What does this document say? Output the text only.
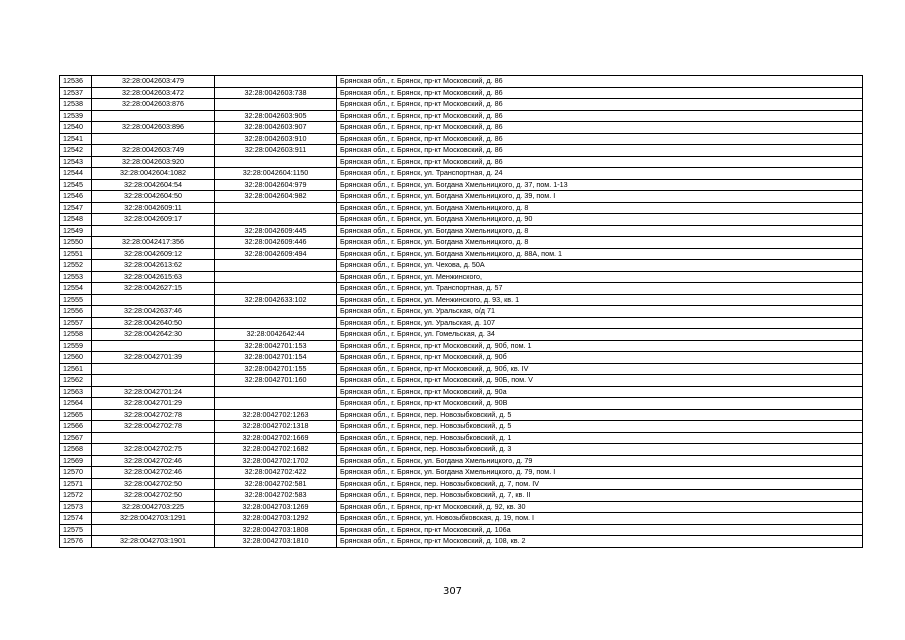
12536	32:28:0042603:479		Брянская обл., г. Брянск, пр-кт Московский, д. 86
12537	32:28:0042603:472	32:28:0042603:738	Брянская обл., г. Брянск, пр-кт Московский, д. 86
12538	32:28:0042603:876		Брянская обл., г. Брянск, пр-кт Московский, д. 86
12539		32:28:0042603:905	Брянская обл., г. Брянск, пр-кт Московский, д. 86
12540	32:28:0042603:896	32:28:0042603:907	Брянская обл., г. Брянск, пр-кт Московский, д. 86
12541		32:28:0042603:910	Брянская обл., г. Брянск, пр-кт Московский, д. 86
12542	32:28:0042603:749	32:28:0042603:911	Брянская обл., г. Брянск, пр-кт Московский, д. 86
12543	32:28:0042603:920		Брянская обл., г. Брянск, пр-кт Московский, д. 86
12544	32:28:0042604:1082	32:28:0042604:1150	Брянская обл., г. Брянск, ул. Транспортная, д. 24
12545	32:28:0042604:54	32:28:0042604:979	Брянская обл., г. Брянск, ул. Богдана Хмельницкого, д. 37, пом. 1-13
12546	32:28:0042604:50	32:28:0042604:982	Брянская обл., г. Брянск, ул. Богдана Хмельницкого, д. 39, пом. I
12547	32:28:0042609:11		Брянская обл., г. Брянск, ул. Богдана Хмельницкого, д. 8
12548	32:28:0042609:17		Брянская обл., г. Брянск, ул. Богдана Хмельницкого, д. 90
12549		32:28:0042609:445	Брянская обл., г. Брянск, ул. Богдана Хмельницкого, д. 8
12550	32:28:0042417:356	32:28:0042609:446	Брянская обл., г. Брянск, ул. Богдана Хмельницкого, д. 8
12551	32:28:0042609:12	32:28:0042609:494	Брянская обл., г. Брянск, ул. Богдана Хмельницкого, д. 88А, пом. 1
12552	32:28:0042613:62		Брянская обл., г. Брянск, ул. Чехова, д. 50А
12553	32:28:0042615:63		Брянская обл., г. Брянск, ул. Менжинского,
12554	32:28:0042627:15		Брянская обл., г. Брянск, ул. Транспортная, д. 57
12555		32:28:0042633:102	Брянская обл., г. Брянск, ул. Менжинского, д. 93, кв. 1
12556	32:28:0042637:46		Брянская обл., г. Брянск, ул. Уральская, о/д 71
12557	32:28:0042640:50		Брянская обл., г. Брянск, ул. Уральская, д. 107
12558	32:28:0042642:30	32:28:0042642:44	Брянская обл., г. Брянск, ул. Гомельская, д. 34
12559		32:28:0042701:153	Брянская обл., г. Брянск, пр-кт Московский, д. 90б, пом. 1
12560	32:28:0042701:39	32:28:0042701:154	Брянская обл., г. Брянск, пр-кт Московский, д. 90б
12561		32:28:0042701:155	Брянская обл., г. Брянск, пр-кт Московский, д. 90б, кв. IV
12562		32:28:0042701:160	Брянская обл., г. Брянск, пр-кт Московский, д. 90Б, пом. V
12563	32:28:0042701:24		Брянская обл., г. Брянск, пр-кт Московский, д. 90а
12564	32:28:0042701:29		Брянская обл., г. Брянск, пр-кт Московский, д. 90В
12565	32:28:0042702:78	32:28:0042702:1263	Брянская обл., г. Брянск, пер. Новозыбковский, д. 5
12566	32:28:0042702:78	32:28:0042702:1318	Брянская обл., г. Брянск, пер. Новозыбковский, д. 5
12567		32:28:0042702:1669	Брянская обл., г. Брянск, пер. Новозыбковский, д. 1
12568	32:28:0042702:75	32:28:0042702:1682	Брянская обл., г. Брянск, пер. Новозыбковский, д. 3
12569	32:28:0042702:46	32:28:0042702:1702	Брянская обл., г. Брянск, ул. Богдана Хмельницкого, д. 79
12570	32:28:0042702:46	32:28:0042702:422	Брянская обл., г. Брянск, ул. Богдана Хмельницкого, д. 79, пом. I
12571	32:28:0042702:50	32:28:0042702:581	Брянская обл., г. Брянск, пер. Новозыбковский, д. 7, пом. IV
12572	32:28:0042702:50	32:28:0042702:583	Брянская обл., г. Брянск, пер. Новозыбковский, д. 7, кв. II
12573	32:28:0042703:225	32:28:0042703:1269	Брянская обл., г. Брянск, пр-кт Московский, д. 92, кв. 30
12574	32:28:0042703:1291	32:28:0042703:1292	Брянская обл., г. Брянск, ул. Новозыбковская, д. 19, пом. I
12575		32:28:0042703:1808	Брянская обл., г. Брянск, пр-кт Московский, д. 106а
12576	32:28:0042703:1901	32:28:0042703:1810	Брянская обл., г. Брянск, пр-кт Московский, д. 108, кв. 2
307
